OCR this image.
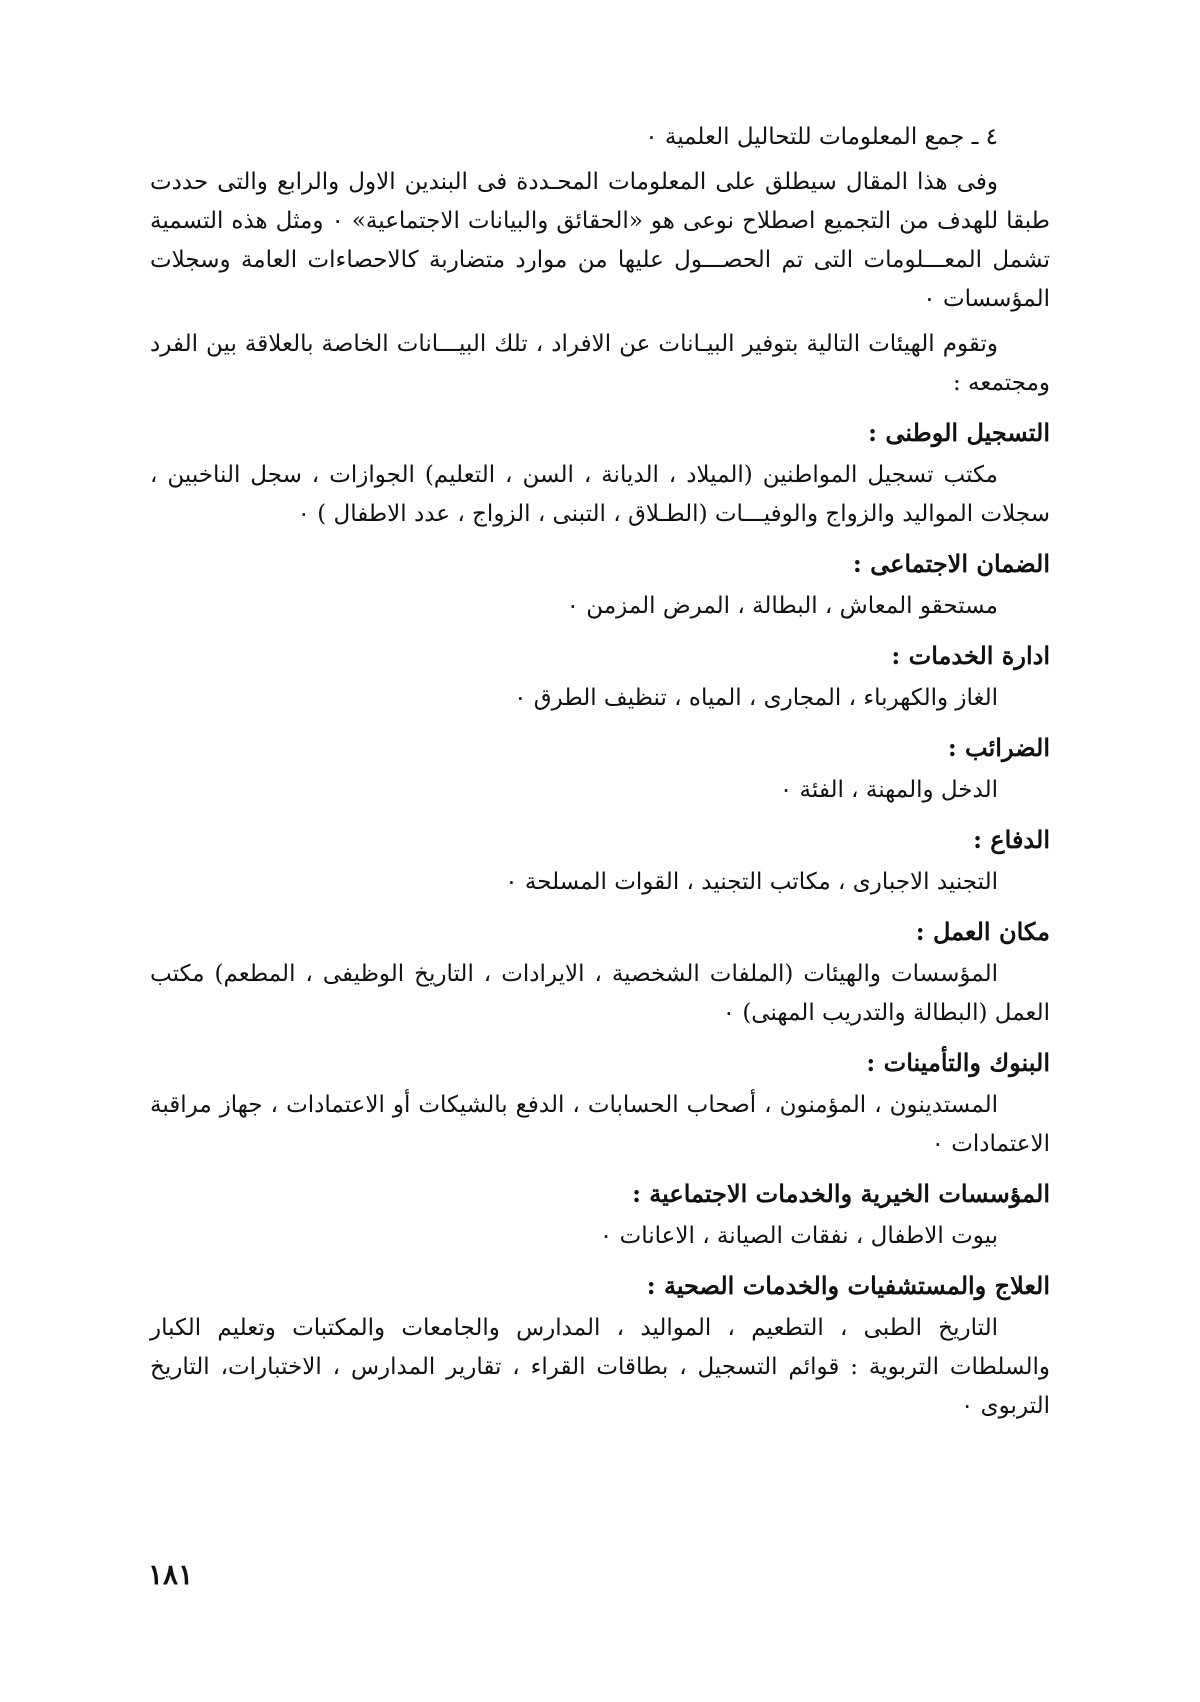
٤ ـ جمع المعلومات للتحاليل العلمية ٠

وفى هذا المقال سيطلق على المعلومات المحـددة فى البندين الاول والرابع والتى حددت طبقا للهدف من التجميع اصطلاح نوعى هو «الحقائق والبيانات الاجتماعية» ٠ ومثل هذه التسمية تشمل المعـــلومات التى تم الحصـــول عليها من موارد متضاربة كالاحصاءات العامة وسجلات المؤسسات ٠

وتقوم الهيئات التالية بتوفير البيـانات عن الافراد ، تلك البيـــانات الخاصة بالعلاقة بين الفرد ومجتمعه :

التسجيل الوطنى :

مكتب تسجيل المواطنين (الميلاد ، الديانة ، السن ، التعليم) الجوازات ، سجل الناخبين ، سجلات المواليد والزواج والوفيـــات (الطـلاق ، التبنى ، الزواج ، عدد الاطفال ) ٠

الضمان الاجتماعى :

مستحقو المعاش ، البطالة ، المرض المزمن ٠

ادارة الخدمات :

الغاز والكهرباء ، المجارى ، المياه ، تنظيف الطرق ٠

الضرائب :

الدخل والمهنة ، الفئة ٠

الدفاع :

التجنيد الاجبارى ، مكاتب التجنيد ، القوات المسلحة ٠

مكان العمل :

المؤسسات والهيئات (الملفات الشخصية ، الايرادات ، التاريخ الوظيفى ، المطعم) مكتب العمل (البطالة والتدريب المهنى) ٠

البنوك والتأمينات :

المستدينون ، المؤمنون ، أصحاب الحسابات ، الدفع بالشيكات أو الاعتمادات ، جهاز مراقبة الاعتمادات ٠

المؤسسات الخيرية والخدمات الاجتماعية :

بيوت الاطفال ، نفقات الصيانة ، الاعانات ٠

العلاج والمستشفيات والخدمات الصحية :

التاريخ الطبى ، التطعيم ، المواليد ، المدارس والجامعات والمكتبات وتعليم الكبار والسلطات التربوية : قوائم التسجيل ، بطاقات القراء ، تقارير المدارس ، الاختبارات، التاريخ التربوى ٠

١٨١
